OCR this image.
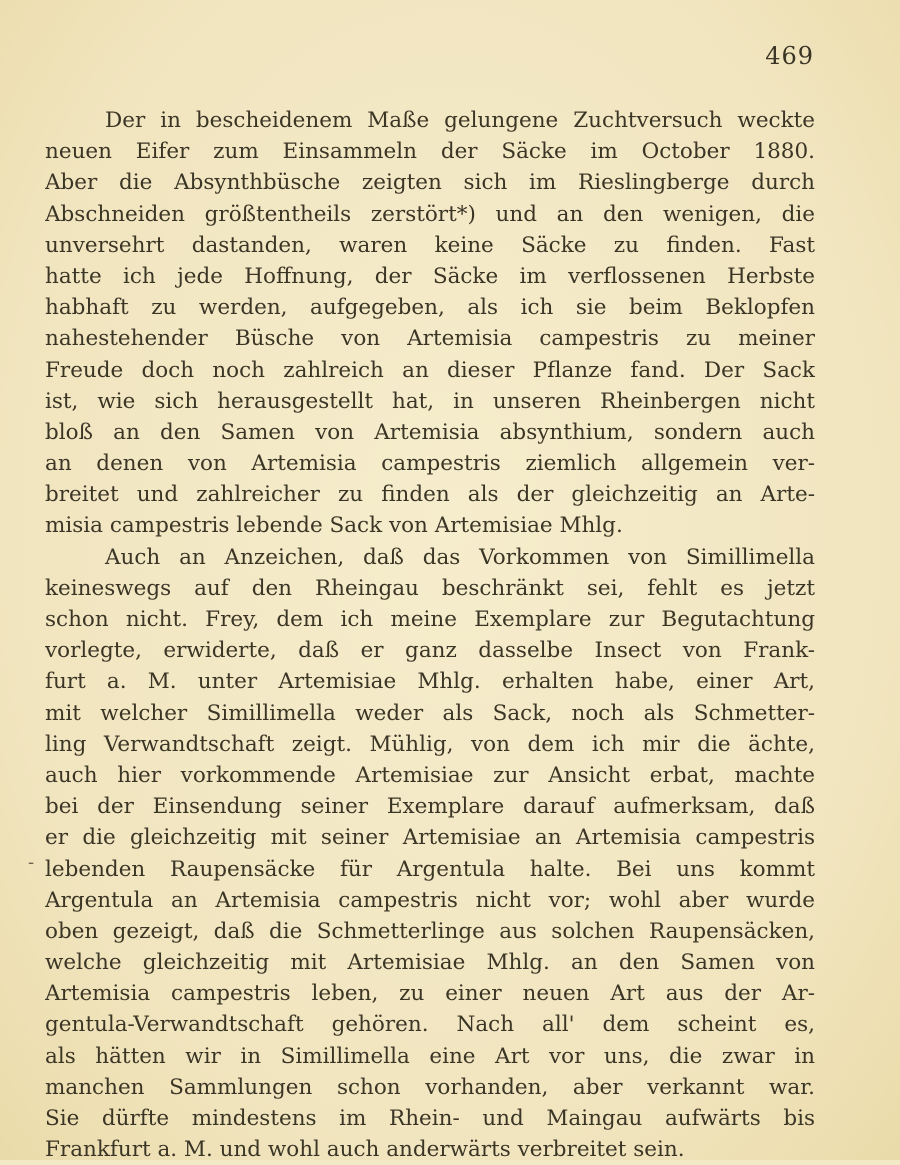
469
-
Der in bescheidenem Maße gelungene Zuchtversuch weckte
neuen Eifer zum Einsammeln der Säcke im October 1880.
Aber die Absynthbüsche zeigten sich im Rieslingberge durch
Abschneiden größtentheils zerstört*) und an den wenigen, die
unversehrt dastanden, waren keine Säcke zu finden. Fast
hatte ich jede Hoffnung, der Säcke im verflossenen Herbste
habhaft zu werden, aufgegeben, als ich sie beim Beklopfen
nahestehender Büsche von Artemisia campestris zu meiner
Freude doch noch zahlreich an dieser Pflanze fand. Der Sack
ist, wie sich herausgestellt hat, in unseren Rheinbergen nicht
bloß an den Samen von Artemisia absynthium, sondern auch
an denen von Artemisia campestris ziemlich allgemein ver-
breitet und zahlreicher zu finden als der gleichzeitig an Arte-
misia campestris lebende Sack von Artemisiae Mhlg.
Auch an Anzeichen, daß das Vorkommen von Simillimella
keineswegs auf den Rheingau beschränkt sei, fehlt es jetzt
schon nicht. Frey, dem ich meine Exemplare zur Begutachtung
vorlegte, erwiderte, daß er ganz dasselbe Insect von Frank-
furt a. M. unter Artemisiae Mhlg. erhalten habe, einer Art,
mit welcher Simillimella weder als Sack, noch als Schmetter-
ling Verwandtschaft zeigt. Mühlig, von dem ich mir die ächte,
auch hier vorkommende Artemisiae zur Ansicht erbat, machte
bei der Einsendung seiner Exemplare darauf aufmerksam, daß
er die gleichzeitig mit seiner Artemisiae an Artemisia campestris
lebenden Raupensäcke für Argentula halte. Bei uns kommt
Argentula an Artemisia campestris nicht vor; wohl aber wurde
oben gezeigt, daß die Schmetterlinge aus solchen Raupensäcken,
welche gleichzeitig mit Artemisiae Mhlg. an den Samen von
Artemisia campestris leben, zu einer neuen Art aus der Ar-
gentula-Verwandtschaft gehören. Nach all' dem scheint es,
als hätten wir in Simillimella eine Art vor uns, die zwar in
manchen Sammlungen schon vorhanden, aber verkannt war.
Sie dürfte mindestens im Rhein- und Maingau aufwärts bis
Frankfurt a. M. und wohl auch anderwärts verbreitet sein.
